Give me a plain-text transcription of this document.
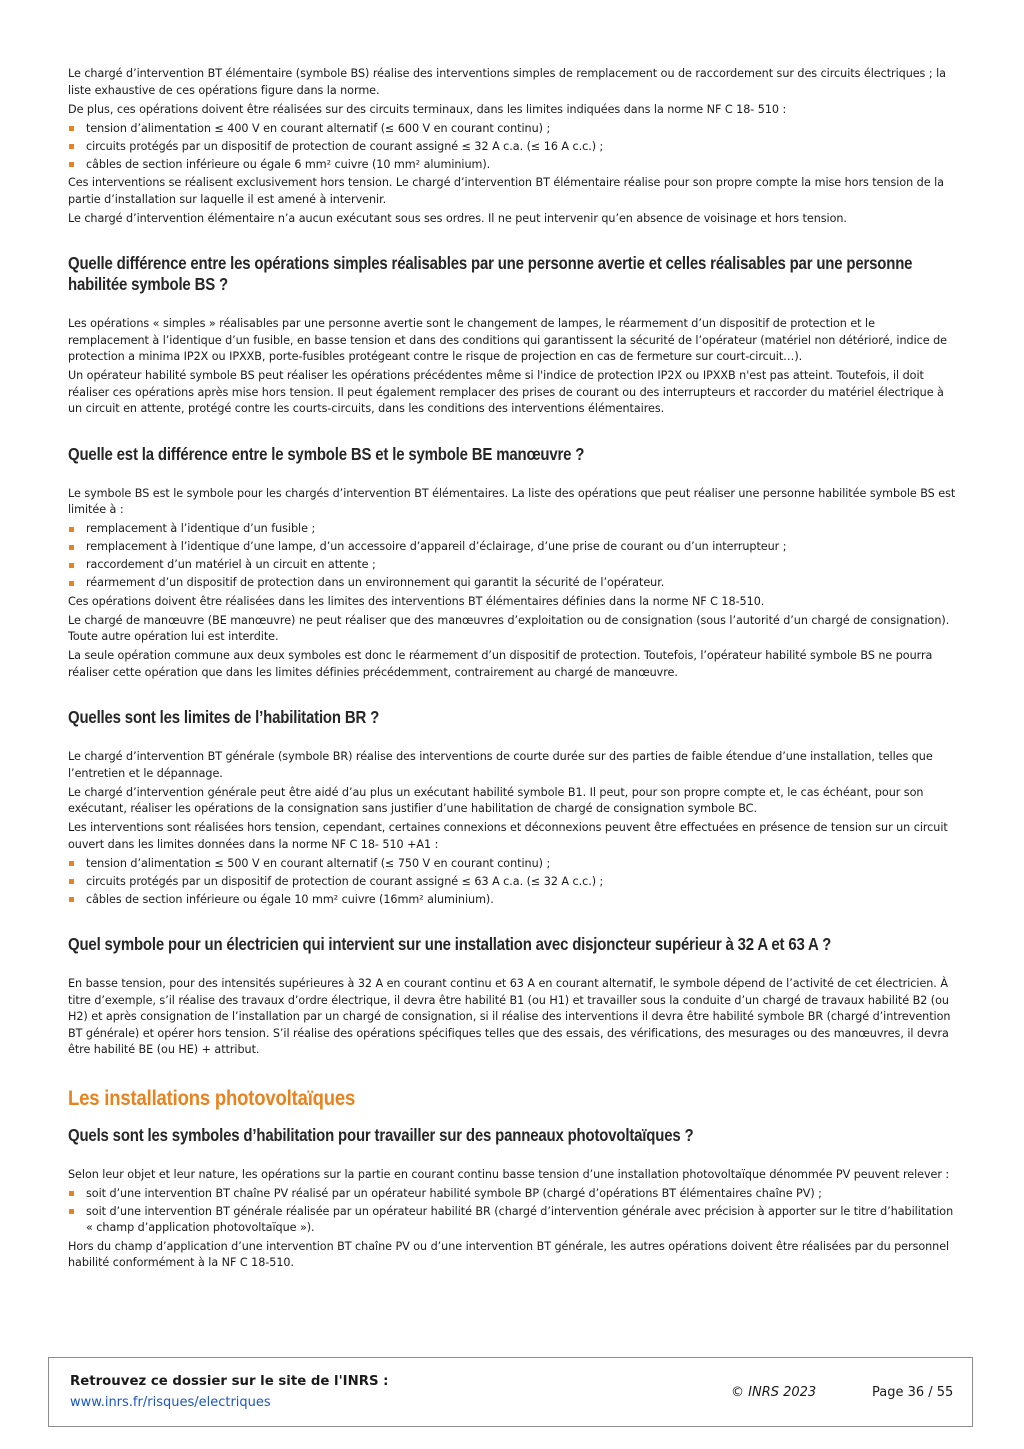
Le chargé d’intervention BT élémentaire (symbole BS) réalise des interventions simples de remplacement ou de raccordement sur des circuits électriques ; la liste exhaustive de ces opérations figure dans la norme.

De plus, ces opérations doivent être réalisées sur des circuits terminaux, dans les limites indiquées dans la norme NF C 18- 510 :

tension d’alimentation ≤ 400 V en courant alternatif (≤ 600 V en courant continu) ;
circuits protégés par un dispositif de protection de courant assigné ≤ 32 A c.a. (≤ 16 A c.c.) ;
câbles de section inférieure ou égale 6 mm² cuivre (10 mm² aluminium).

Ces interventions se réalisent exclusivement hors tension. Le chargé d’intervention BT élémentaire réalise pour son propre compte la mise hors tension de la partie d’installation sur laquelle il est amené à intervenir.

Le chargé d’intervention élémentaire n’a aucun exécutant sous ses ordres. Il ne peut intervenir qu’en absence de voisinage et hors tension.

Quelle différence entre les opérations simples réalisables par une personne avertie et celles réalisables par une personne habilitée symbole BS ?

Les opérations « simples » réalisables par une personne avertie sont le changement de lampes, le réarmement d’un dispositif de protection et le remplacement à l’identique d’un fusible, en basse tension et dans des conditions qui garantissent la sécurité de l’opérateur (matériel non détérioré, indice de protection a minima IP2X ou IPXXB, porte-fusibles protégeant contre le risque de projection en cas de fermeture sur court-circuit…).

Un opérateur habilité symbole BS peut réaliser les opérations précédentes même si l'indice de protection IP2X ou IPXXB n'est pas atteint. Toutefois, il doit réaliser ces opérations après mise hors tension. Il peut également remplacer des prises de courant ou des interrupteurs et raccorder du matériel électrique à un circuit en attente, protégé contre les courts-circuits, dans les conditions des interventions élémentaires.

Quelle est la différence entre le symbole BS et le symbole BE manœuvre ?

Le symbole BS est le symbole pour les chargés d’intervention BT élémentaires. La liste des opérations que peut réaliser une personne habilitée symbole BS est limitée à :

remplacement à l’identique d’un fusible ;
remplacement à l’identique d’une lampe, d’un accessoire d’appareil d’éclairage, d’une prise de courant ou d’un interrupteur ;
raccordement d’un matériel à un circuit en attente ;
réarmement d’un dispositif de protection dans un environnement qui garantit la sécurité de l’opérateur.

Ces opérations doivent être réalisées dans les limites des interventions BT élémentaires définies dans la norme NF C 18-510.

Le chargé de manœuvre (BE manœuvre) ne peut réaliser que des manœuvres d’exploitation ou de consignation (sous l’autorité d’un chargé de consignation). Toute autre opération lui est interdite.

La seule opération commune aux deux symboles est donc le réarmement d’un dispositif de protection. Toutefois, l’opérateur habilité symbole BS ne pourra réaliser cette opération que dans les limites définies précédemment, contrairement au chargé de manœuvre.

Quelles sont les limites de l’habilitation BR ?

Le chargé d’intervention BT générale (symbole BR) réalise des interventions de courte durée sur des parties de faible étendue d’une installation, telles que l’entretien et le dépannage.

Le chargé d’intervention générale peut être aidé d’au plus un exécutant habilité symbole B1. Il peut, pour son propre compte et, le cas échéant, pour son exécutant, réaliser les opérations de la consignation sans justifier d’une habilitation de chargé de consignation symbole BC.

Les interventions sont réalisées hors tension, cependant, certaines connexions et déconnexions peuvent être effectuées en présence de tension sur un circuit ouvert dans les limites données dans la norme NF C 18- 510 +A1 :

tension d’alimentation ≤ 500 V en courant alternatif (≤ 750 V en courant continu) ;
circuits protégés par un dispositif de protection de courant assigné ≤ 63 A c.a. (≤ 32 A c.c.) ;
câbles de section inférieure ou égale 10 mm² cuivre (16mm² aluminium).
Quel symbole pour un électricien qui intervient sur une installation avec disjoncteur supérieur à 32 A et 63 A ?

En basse tension, pour des intensités supérieures à 32 A en courant continu et 63 A en courant alternatif, le symbole dépend de l’activité de cet électricien. À titre d’exemple, s’il réalise des travaux d’ordre électrique, il devra être habilité B1 (ou H1) et travailler sous la conduite d’un chargé de travaux habilité B2 (ou H2) et après consignation de l’installation par un chargé de consignation, si il réalise des interventions il devra être habilité symbole BR (chargé d’intrevention BT générale) et opérer hors tension. S’il réalise des opérations spécifiques telles que des essais, des vérifications, des mesurages ou des manœuvres, il devra être habilité BE (ou HE) + attribut.

Les installations photovoltaïques
Quels sont les symboles d’habilitation pour travailler sur des panneaux photovoltaïques ?

Selon leur objet et leur nature, les opérations sur la partie en courant continu basse tension d’une installation photovoltaïque dénommée PV peuvent relever :

soit d’une intervention BT chaîne PV réalisé par un opérateur habilité symbole BP (chargé d’opérations BT élémentaires chaîne PV) ;
soit d’une intervention BT générale réalisée par un opérateur habilité BR (chargé d’intervention générale avec précision à apporter sur le titre d’habilitation « champ d’application photovoltaïque »).

Hors du champ d’application d’une intervention BT chaîne PV ou d’une intervention BT générale, les autres opérations doivent être réalisées par du personnel habilité conformément à la NF C 18-510.

Retrouvez ce dossier sur le site de l'INRS :
www.inrs.fr/risques/electriques
© INRS 2023	Page 36 / 55
